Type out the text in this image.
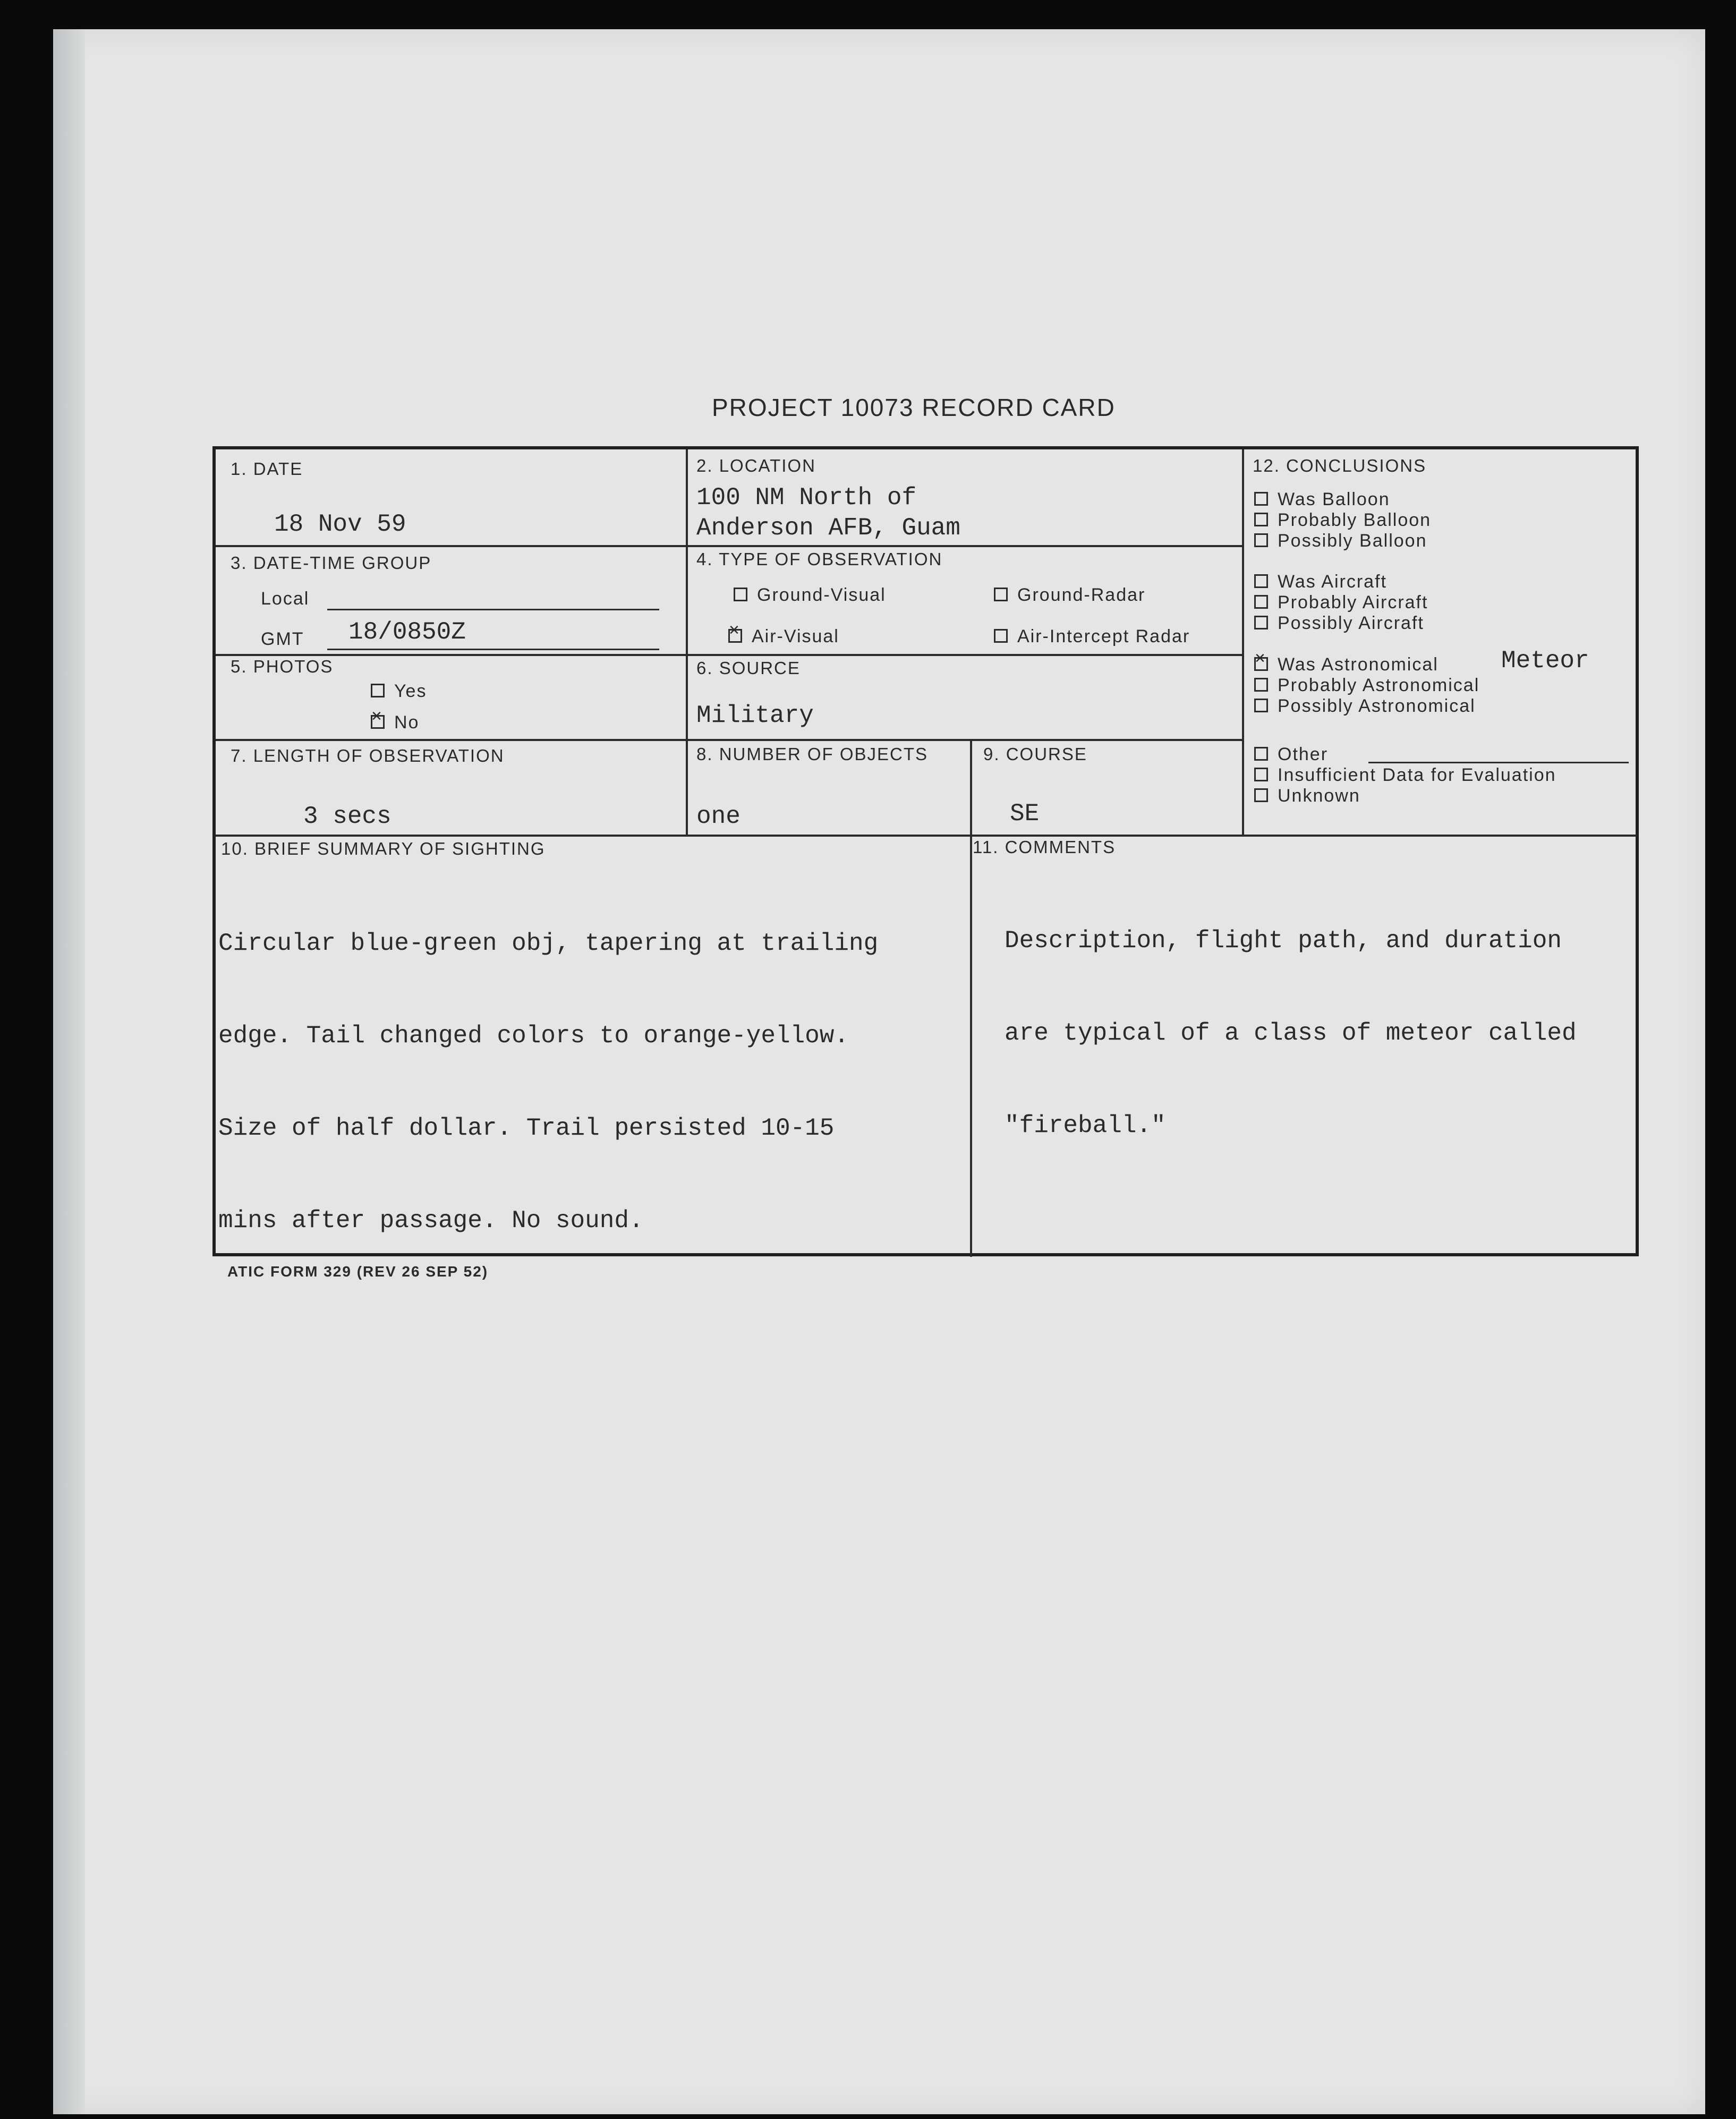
PROJECT 10073 RECORD CARD
1. DATE
18 Nov 59
2. LOCATION
100 NM North of
Anderson AFB, Guam
3. DATE-TIME GROUP
Local
GMT 18/0850Z
4. TYPE OF OBSERVATION
Ground-Visual	Ground-Radar
×Air-Visual	Air-Intercept Radar
5. PHOTOS
Yes
×No
6. SOURCE
Military
7. LENGTH OF OBSERVATION
3 secs
8. NUMBER OF OBJECTS
one
9. COURSE
SE
10. BRIEF SUMMARY OF SIGHTING

Circular blue-green obj, tapering at trailing

edge. Tail changed colors to orange-yellow.

Size of half dollar. Trail persisted 10-15

mins after passage. No sound.

11. COMMENTS

Description, flight path, and duration

are typical of a class of meteor called

"fireball."

12. CONCLUSIONS
Was Balloon
Probably Balloon
Possibly Balloon
Was Aircraft
Probably Aircraft
Possibly Aircraft
×Was Astronomical
Probably Astronomical
Possibly Astronomical
Other
Insufficient Data for Evaluation
Unknown
Meteor
ATIC FORM 329 (REV 26 SEP 52)
